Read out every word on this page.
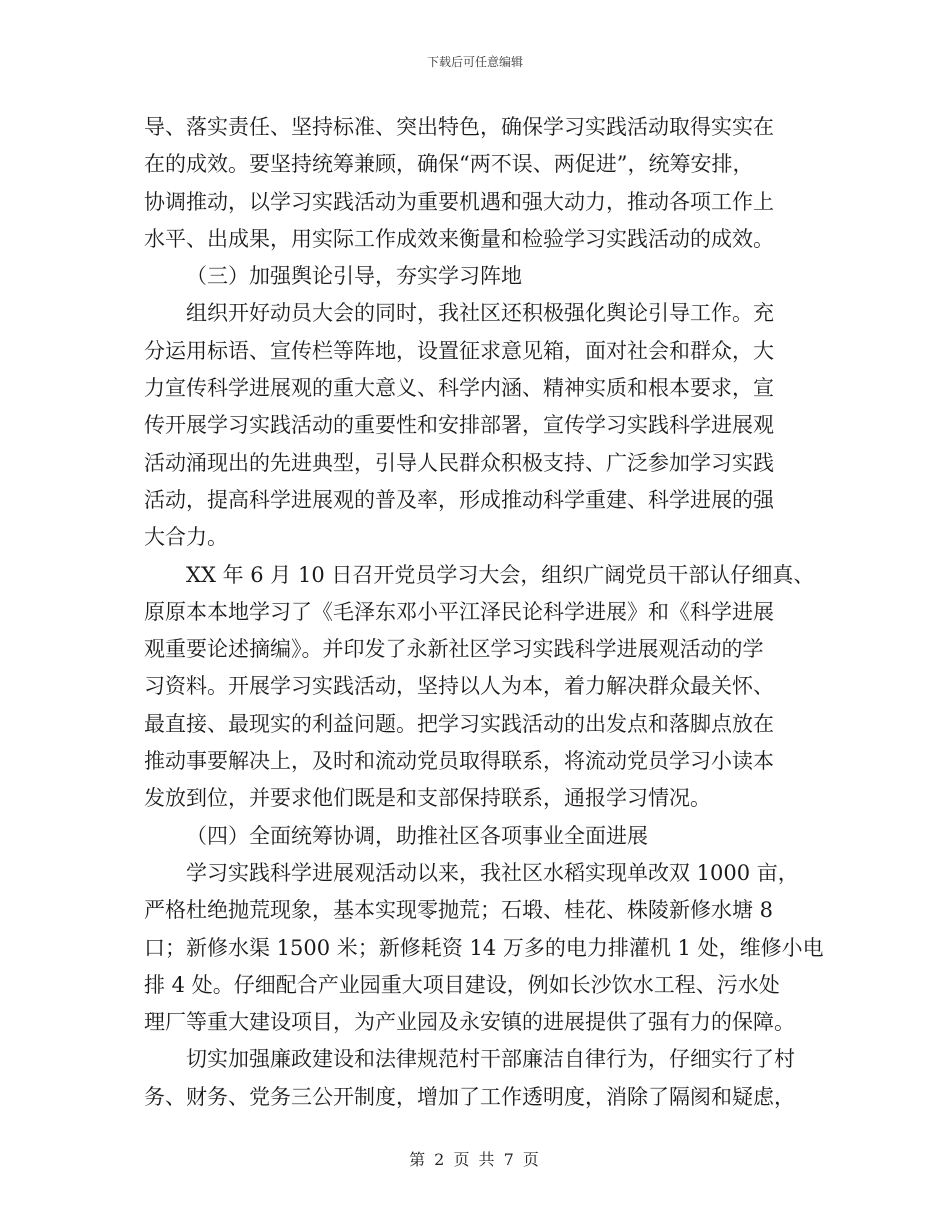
下载后可任意编辑
导、落实责任、坚持标准、突出特色，确保学习实践活动取得实实在
在的成效。要坚持统筹兼顾，确保“两不误、两促进”，统筹安排，
协调推动，以学习实践活动为重要机遇和强大动力，推动各项工作上
水平、出成果，用实际工作成效来衡量和检验学习实践活动的成效。
（三）加强舆论引导，夯实学习阵地
组织开好动员大会的同时，我社区还积极强化舆论引导工作。充
分运用标语、宣传栏等阵地，设置征求意见箱，面对社会和群众，大
力宣传科学进展观的重大意义、科学内涵、精神实质和根本要求，宣
传开展学习实践活动的重要性和安排部署，宣传学习实践科学进展观
活动涌现出的先进典型，引导人民群众积极支持、广泛参加学习实践
活动，提高科学进展观的普及率，形成推动科学重建、科学进展的强
大合力。
XX 年 6 月 10 日召开党员学习大会，组织广阔党员干部认仔细真、
原原本本地学习了《毛泽东邓小平江泽民论科学进展》和《科学进展
观重要论述摘编》。并印发了永新社区学习实践科学进展观活动的学
习资料。开展学习实践活动，坚持以人为本，着力解决群众最关怀、
最直接、最现实的利益问题。把学习实践活动的出发点和落脚点放在
推动事要解决上，及时和流动党员取得联系，将流动党员学习小读本
发放到位，并要求他们既是和支部保持联系，通报学习情况。
（四）全面统筹协调，助推社区各项事业全面进展
学习实践科学进展观活动以来，我社区水稻实现单改双 1000 亩，
严格杜绝抛荒现象，基本实现零抛荒；石塅、桂花、株陵新修水塘 8
口；新修水渠 1500 米；新修耗资 14 万多的电力排灌机 1 处，维修小电
排 4 处。仔细配合产业园重大项目建设，例如长沙饮水工程、污水处
理厂等重大建设项目，为产业园及永安镇的进展提供了强有力的保障。
切实加强廉政建设和法律规范村干部廉洁自律行为，仔细实行了村
务、财务、党务三公开制度，增加了工作透明度，消除了隔阂和疑虑，
第 2 页 共 7 页
